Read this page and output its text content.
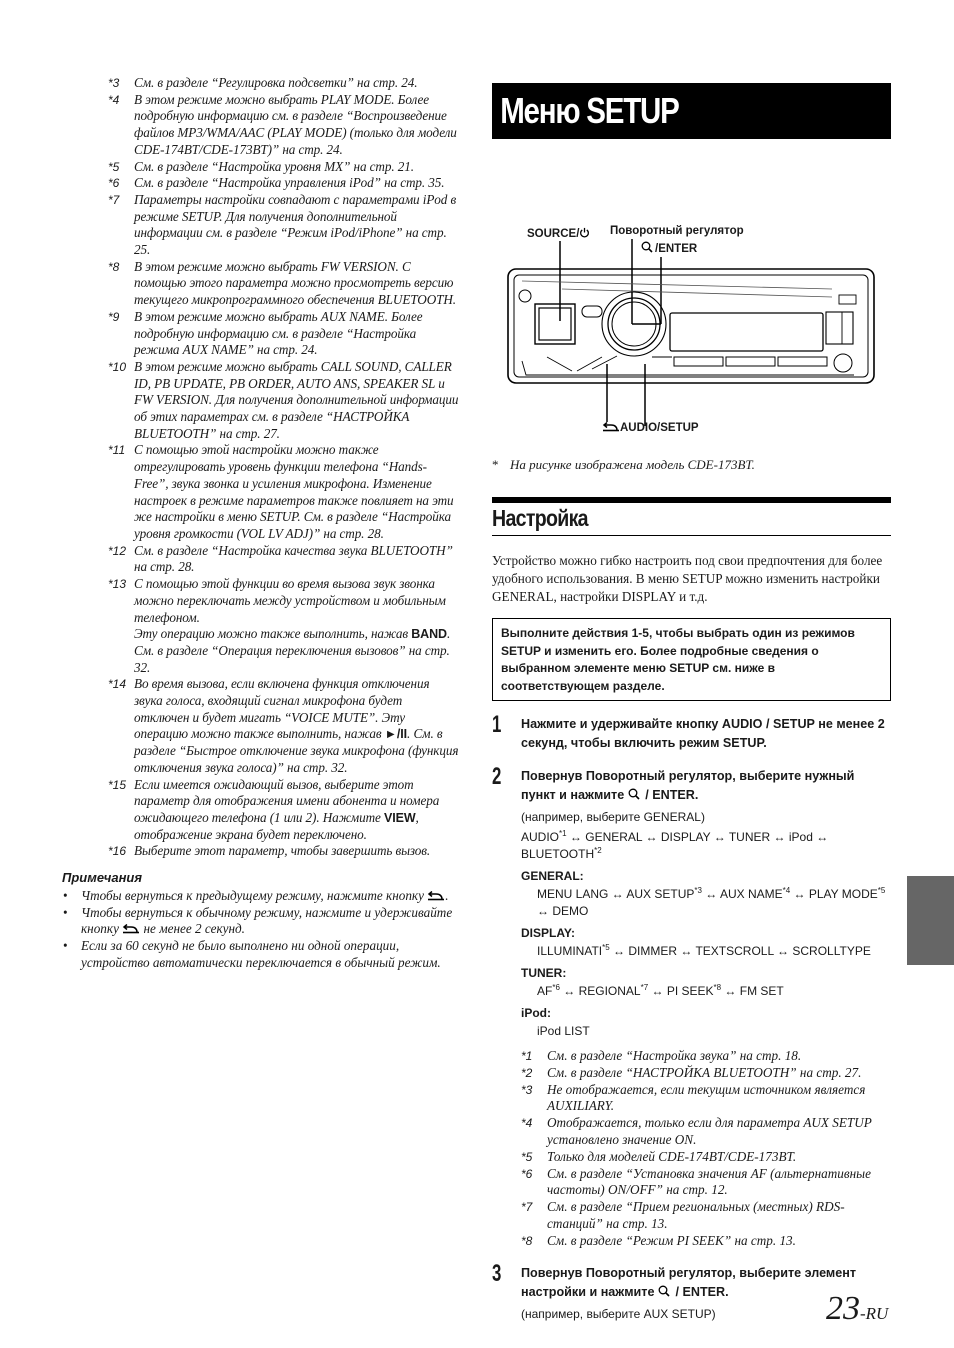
*3	См. в разделе “Регулировка подсветки” на стр. 24.
*4	В этом режиме можно выбрать PLAY MODE. Более подробную информацию см. в разделе “Воспроизведение файлов MP3/WMA/AAC (PLAY MODE) (только для модели CDE-174BT/CDE-173BT)” на стр. 24.
*5	См. в разделе “Настройка уровня MX” на стр. 21.
*6	См. в разделе “Настройка управления iPod” на стр. 35.
*7	Параметры настройки совпадают с параметрами iPod в режиме SETUP. Для получения дополнительной информации см. в разделе “Режим iPod/iPhone” на стр. 25.
*8	В этом режиме можно выбрать FW VERSION. С помощью этого параметра можно просмотреть версию текущего микропрограммного обеспечения BLUETOOTH.
*9	В этом режиме можно выбрать AUX NAME. Более подробную информацию см. в разделе “Настройка режима AUX NAME” на стр. 24.
*10 В этом режиме можно выбрать CALL SOUND, CALLER ID, PB UPDATE, PB ORDER, AUTO ANS, SPEAKER SL и FW VERSION. Для получения дополнительной информации об этих параметрах см. в разделе “НАСТРОЙКА BLUETOOTH” на стр. 27.
*11 С помощью этой настройки можно также отрегулировать уровень функции телефона “Hands-Free”, звука звонка и усиления микрофона. Изменение настроек в режиме параметров также повлияет на эти же настройки в меню SETUP. См. в разделе “Настройка уровня громкости (VOL LV ADJ)” на стр. 28.
*12 См. в разделе “Настройка качества звука BLUETOOTH” на стр. 28.
*13 С помощью этой функции во время вызова звук звонка можно переключать между устройством и мобильным телефоном.
Эту операцию можно также выполнить, нажав BAND. См. в разделе “Операция переключения вызовов” на стр. 32.
*14 Во время вызова, если включена функция отключения звука голоса, входящий сигнал микрофона будет отключен и будет мигать “VOICE MUTE”. Эту операцию можно также выполнить, нажав ►/II. См. в разделе “Быстрое отключение звука микрофона (функция отключения звука голоса)” на стр. 32.
*15 Если имеется ожидающий вызов, выберите этот параметр для отображения имени абонента и номера ожидающего телефона (1 или 2). Нажмите VIEW, отображение экрана будет переключено.
*16 Выберите этот параметр, чтобы завершить вызов.
Примечания
•	Чтобы вернуться к предыдущему режиму, нажмите кнопку .
•	Чтобы вернуться к обычному режиму, нажмите и удерживайте кнопку  не менее 2 секунд.
•	Если за 60 секунд не было выполнено ни одной операции, устройство автоматически переключается в обычный режим.
Меню SETUP
SOURCE/	Поворотный регулятор
/ENTER
AUDIO/SETUP
* На рисунке изображена модель CDE-173BT.
Настройка

Устройство можно гибко настроить под свои предпочтения для более удобного использования. В меню SETUP можно изменить настройки GENERAL, настройки DISPLAY и т.д.

Выполните действия 1-5, чтобы выбрать один из режимов SETUP и изменить его. Более подробные сведения о выбранном элементе меню SETUP см. ниже в соответствующем разделе.
1	Нажмите и удерживайте кнопку AUDIO / SETUP не менее 2 секунд, чтобы включить режим SETUP.
2	Повернув Поворотный регулятор, выберите нужный пункт и нажмите  / ENTER.
(например, выберите GENERAL)
AUDIO$^{*1}$ ↔ GENERAL ↔ DISPLAY ↔ TUNER ↔ iPod ↔ BLUETOOTH$^{*2}$
GENERAL:
MENU LANG ↔ AUX SETUP$^{*3}$ ↔ AUX NAME$^{*4}$ ↔ PLAY MODE$^{*5}$ ↔ DEMO
DISPLAY:
ILLUMINATI$^{*5}$ ↔ DIMMER ↔ TEXTSCROLL ↔ SCROLLTYPE
TUNER:
AF$^{*6}$ ↔ REGIONAL$^{*7}$ ↔ PI SEEK$^{*8}$ ↔ FM SET
iPod:
iPod LIST
*1	См. в разделе “Настройка звука” на стр. 18.
*2	См. в разделе “НАСТРОЙКА BLUETOOTH” на стр. 27.
*3	Не отображается, если текущим источником является AUXILIARY.
*4	Отображается, только если для параметра AUX SETUP установлено значение ON.
*5	Только для моделей CDE-174BT/CDE-173BT.
*6	См. в разделе “Установка значения AF (альтернативные частоты) ON/OFF” на стр. 12.
*7	См. в разделе “Прием региональных (местных) RDS-станций” на стр. 13.
*8	См. в разделе “Режим PI SEEK” на стр. 13.
3	Повернув Поворотный регулятор, выберите элемент настройки и нажмите  / ENTER.
(например, выберите AUX SETUP)	23-RU
